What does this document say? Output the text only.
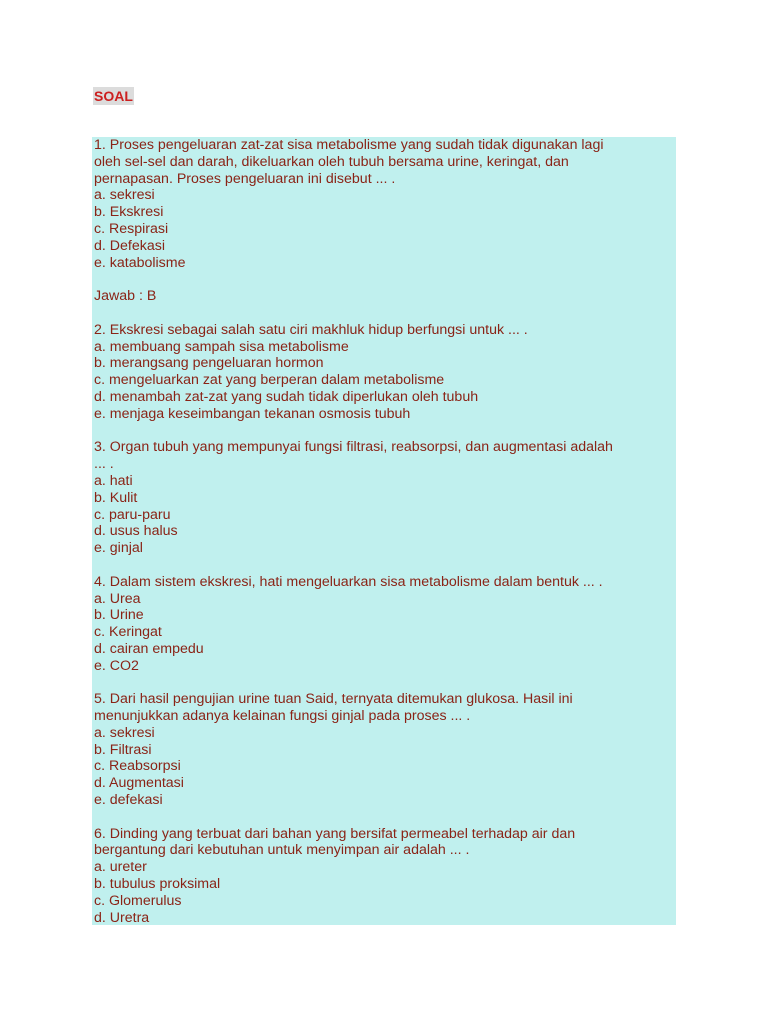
SOAL
1. Proses pengeluaran zat-zat sisa metabolisme yang sudah tidak digunakan lagi
oleh sel-sel dan darah, dikeluarkan oleh tubuh bersama urine, keringat, dan
pernapasan. Proses pengeluaran ini disebut ... .
a. sekresi
b. Ekskresi
c. Respirasi
d. Defekasi
e. katabolisme
Jawab : B
2. Ekskresi sebagai salah satu ciri makhluk hidup berfungsi untuk ... .
a. membuang sampah sisa metabolisme
b. merangsang pengeluaran hormon
c. mengeluarkan zat yang berperan dalam metabolisme
d. menambah zat-zat yang sudah tidak diperlukan oleh tubuh
e. menjaga keseimbangan tekanan osmosis tubuh
3. Organ tubuh yang mempunyai fungsi filtrasi, reabsorpsi, dan augmentasi adalah
... .
a. hati
b. Kulit
c. paru-paru
d. usus halus
e. ginjal
4. Dalam sistem ekskresi, hati mengeluarkan sisa metabolisme dalam bentuk ... .
a. Urea
b. Urine
c. Keringat
d. cairan empedu
e. CO2
5. Dari hasil pengujian urine tuan Said, ternyata ditemukan glukosa. Hasil ini
menunjukkan adanya kelainan fungsi ginjal pada proses ... .
a. sekresi
b. Filtrasi
c. Reabsorpsi
d. Augmentasi
e. defekasi
6. Dinding yang terbuat dari bahan yang bersifat permeabel terhadap air dan
bergantung dari kebutuhan untuk menyimpan air adalah ... .
a. ureter
b. tubulus proksimal
c. Glomerulus
d. Uretra
